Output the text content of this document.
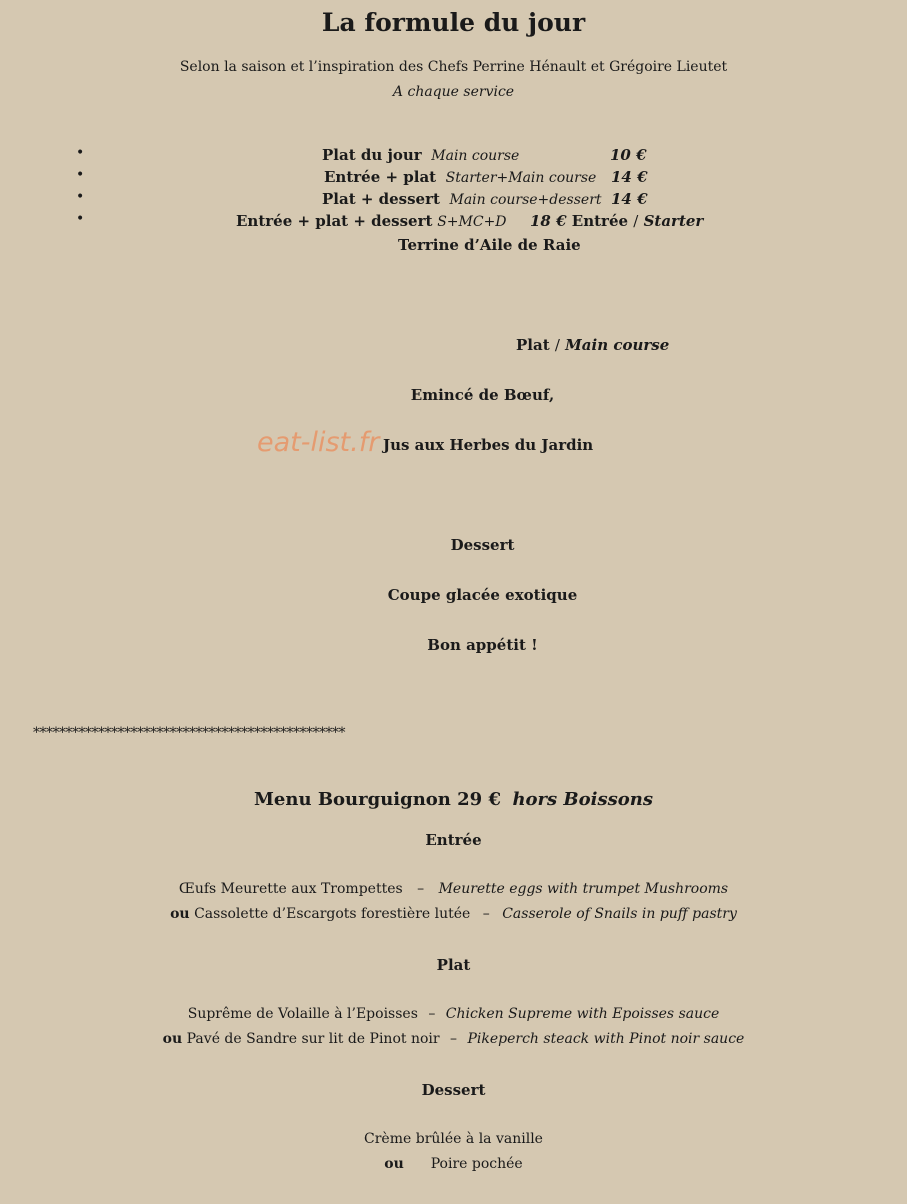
La formule du jour
Selon la saison et l’inspiration des Chefs Perrine Hénault et Grégoire Lieutet
A chaque service
•	Plat du jour Main course	10 €
•	Entrée + plat Starter+Main course 14 €
•	Plat + dessert Main course+dessert 14 €
•	Entrée + plat + dessert S+MC+D 18 € Entrée / Starter
Terrine d’Aile de Raie
Plat / Main course
Emincé de Bœuf,
eat-list.fr Jus aux Herbes du Jardin
Dessert
Coupe glacée exotique
Bon appétit !
************************************************
Menu Bourguignon 29 € hors Boissons
Entrée
Œufs Meurette aux Trompettes – Meurette eggs with trumpet Mushrooms
ou Cassolette d’Escargots forestière lutée – Casserole of Snails in puff pastry
Plat
Suprême de Volaille à l’Epoisses – Chicken Supreme with Epoisses sauce
ou Pavé de Sandre sur lit de Pinot noir – Pikeperch steack with Pinot noir sauce
Dessert
Crème brûlée à la vanille
ou Poire pochée
